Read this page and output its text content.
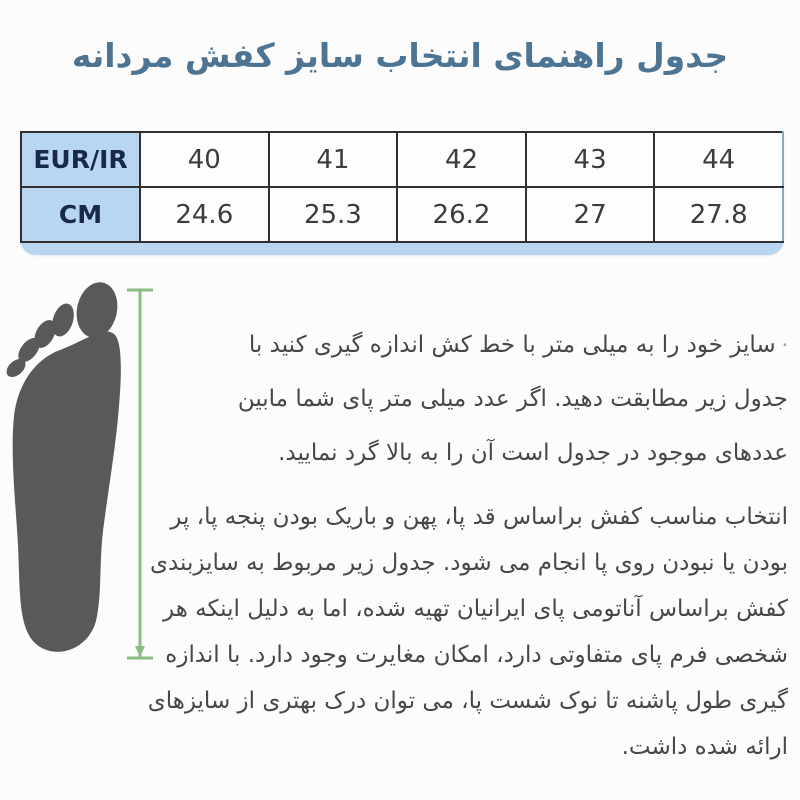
جدول راهنمای انتخاب سایز کفش مردانه
EUR/IR	40	41	42	43	44
CM	24.6	25.3	26.2	27	27.8
·سایز خود را به میلی متر با خط کش اندازه گیری کنید با
جدول زیر مطابقت دهید. اگر عدد میلی متر پای شما مابین
عددهای موجود در جدول است آن را به بالا گرد نمایید.
انتخاب مناسب کفش براساس قد پا، پهن و باریک بودن پنجه پا، پر
بودن یا نبودن روی پا انجام می شود. جدول زیر مربوط به سایزبندی
کفش براساس آناتومی پای ایرانیان تهیه شده، اما به دلیل اینکه هر
شخصی فرم پای متفاوتی دارد، امکان مغایرت وجود دارد. با اندازه
گیری طول پاشنه تا نوک شست پا، می توان درک بهتری از سایزهای
ارائه شده داشت.
